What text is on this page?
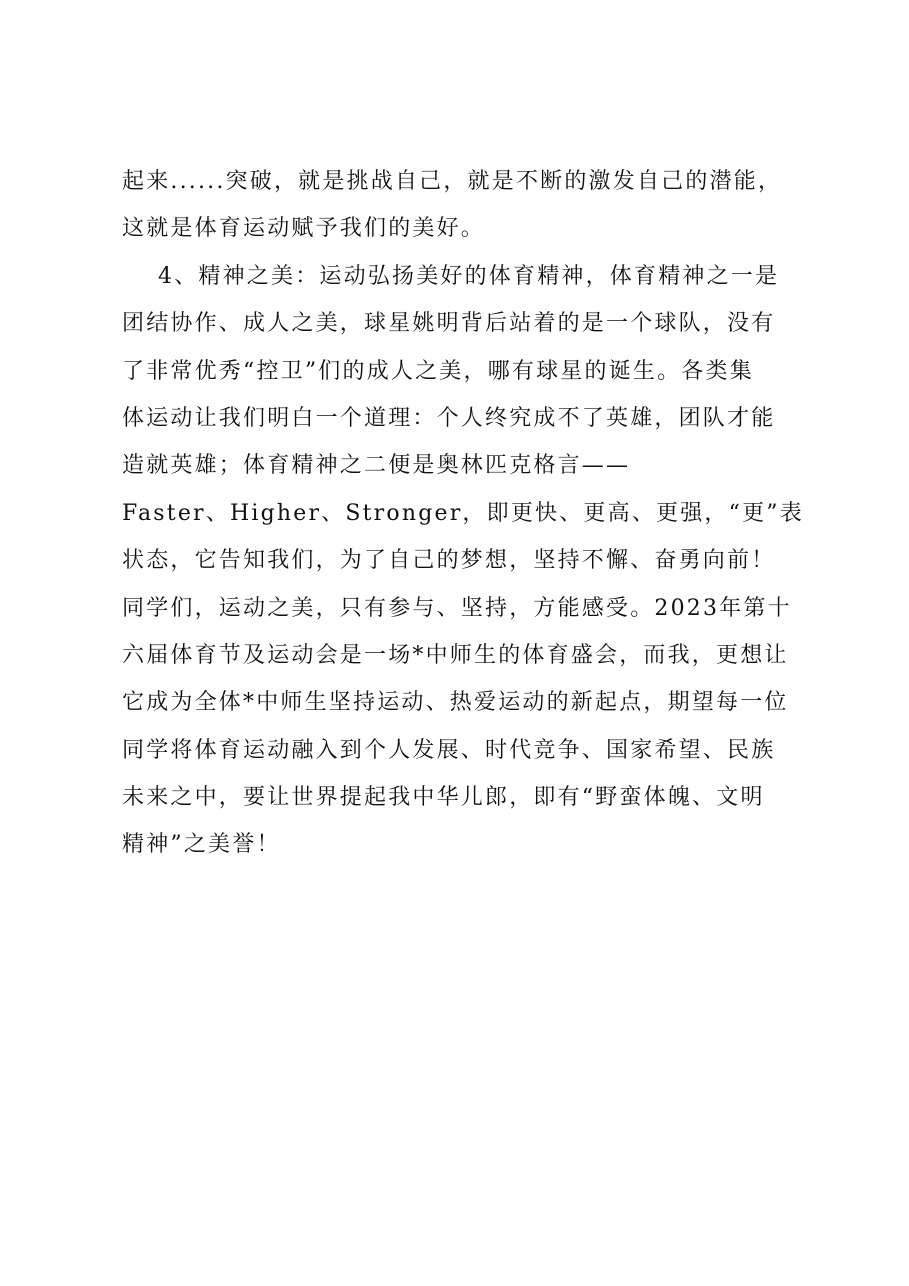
起来......突破，就是挑战自己，就是不断的激发自己的潜能，
这就是体育运动赋予我们的美好。
4、精神之美：运动弘扬美好的体育精神，体育精神之一是
团结协作、成人之美，球星姚明背后站着的是一个球队，没有
了非常优秀“控卫”们的成人之美，哪有球星的诞生。各类集
体运动让我们明白一个道理：个人终究成不了英雄，团队才能
造就英雄；体育精神之二便是奥林匹克格言——
Faster、Higher、Stronger，即更快、更高、更强，“更”表
状态，它告知我们，为了自己的梦想，坚持不懈、奋勇向前！
同学们，运动之美，只有参与、坚持，方能感受。2023年第十
六届体育节及运动会是一场*中师生的体育盛会，而我，更想让
它成为全体*中师生坚持运动、热爱运动的新起点，期望每一位
同学将体育运动融入到个人发展、时代竞争、国家希望、民族
未来之中，要让世界提起我中华儿郎，即有“野蛮体魄、文明
精神”之美誉！
